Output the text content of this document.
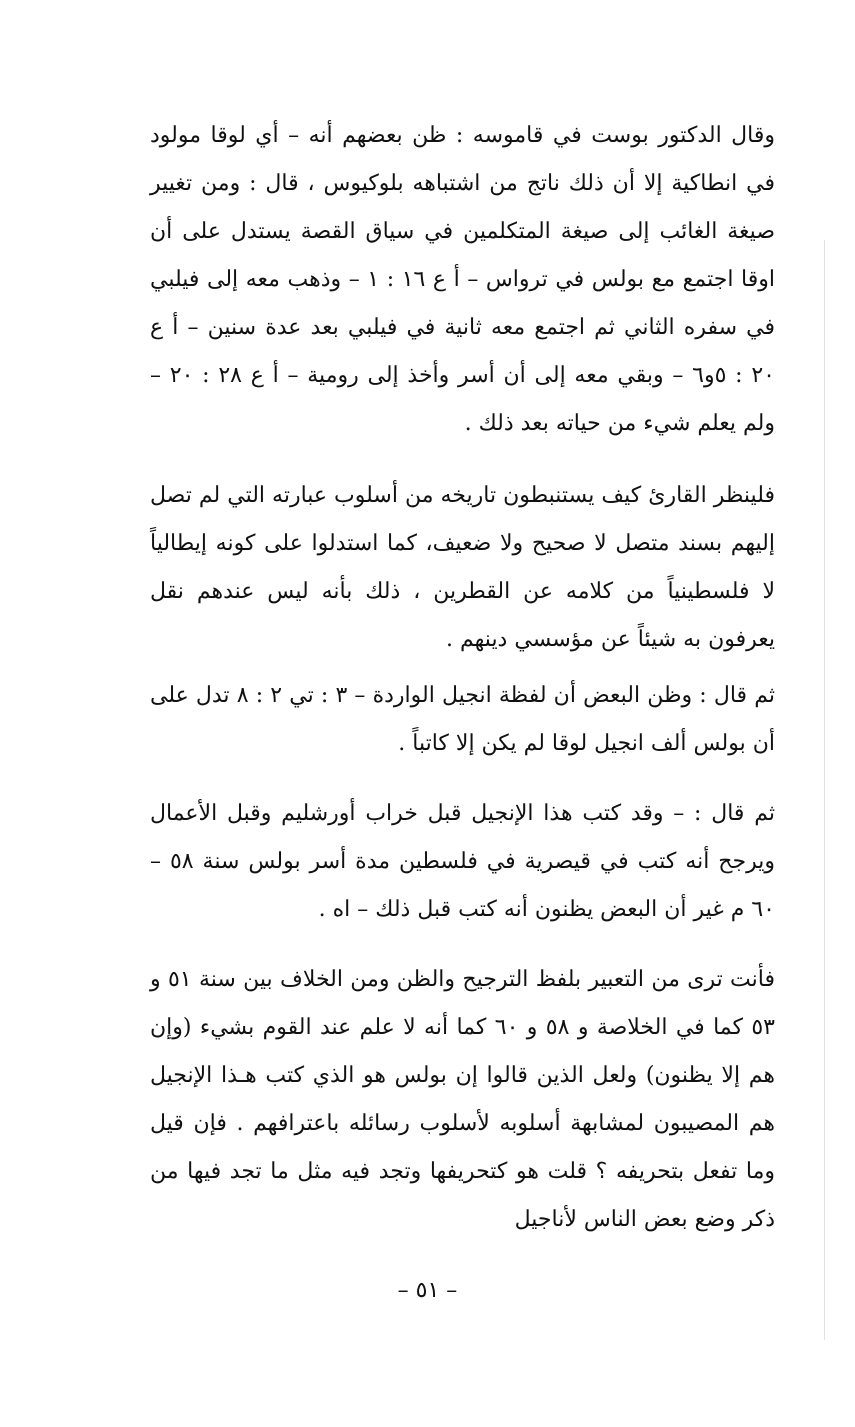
وقال الدكتور بوست في قاموسه : ظن بعضهم أنه – أي لوقا مولود في انطاكية إلا أن ذلك ناتج من اشتباهه بلوكيوس ، قال : ومن تغيير صيغة الغائب إلى صيغة المتكلمين في سياق القصة يستدل على أن اوقا اجتمع مع بولس في ترواس – أ ع ١٦ : ١ – وذهب معه إلى فيلبي في سفره الثاني ثم اجتمع معه ثانية في فيلبي بعد عدة سنين – أ ع ٢٠ : ٥و٦ – وبقي معه إلى أن أسر وأخذ إلى رومية – أ ع ٢٨ : ٢٠ – ولم يعلم شيء من حياته بعد ذلك .

فلينظر القارئ كيف يستنبطون تاريخه من أسلوب عبارته التي لم تصل إليهم بسند متصل لا صحيح ولا ضعيف، كما استدلوا على كونه إيطالياً لا فلسطينياً من كلامه عن القطرين ، ذلك بأنه ليس عندهم نقل يعرفون به شيئاً عن مؤسسي دينهم .

ثم قال : وظن البعض أن لفظة انجيل الواردة – ٣ : تي ٢ : ٨ تدل على أن بولس ألف انجيل لوقا لم يكن إلا كاتباً .

ثم قال : – وقد كتب هذا الإنجيل قبل خراب أورشليم وقبل الأعمال ويرجح أنه كتب في قيصرية في فلسطين مدة أسر بولس سنة ٥٨ – ٦٠ م غير أن البعض يظنون أنه كتب قبل ذلك – اه .

فأنت ترى من التعبير بلفظ الترجيح والظن ومن الخلاف بين سنة ٥١ و ٥٣ كما في الخلاصة و ٥٨ و ٦٠ كما أنه لا علم عند القوم بشيء (وإن هم إلا يظنون) ولعل الذين قالوا إن بولس هو الذي كتب هـذا الإنجيل هم المصيبون لمشابهة أسلوبه لأسلوب رسائله باعترافهم . فإن قيل وما تفعل بتحريفه ؟ قلت هو كتحريفها وتجد فيه مثل ما تجد فيها من ذكر وضع بعض الناس لأناجيل

– ٥١ –
